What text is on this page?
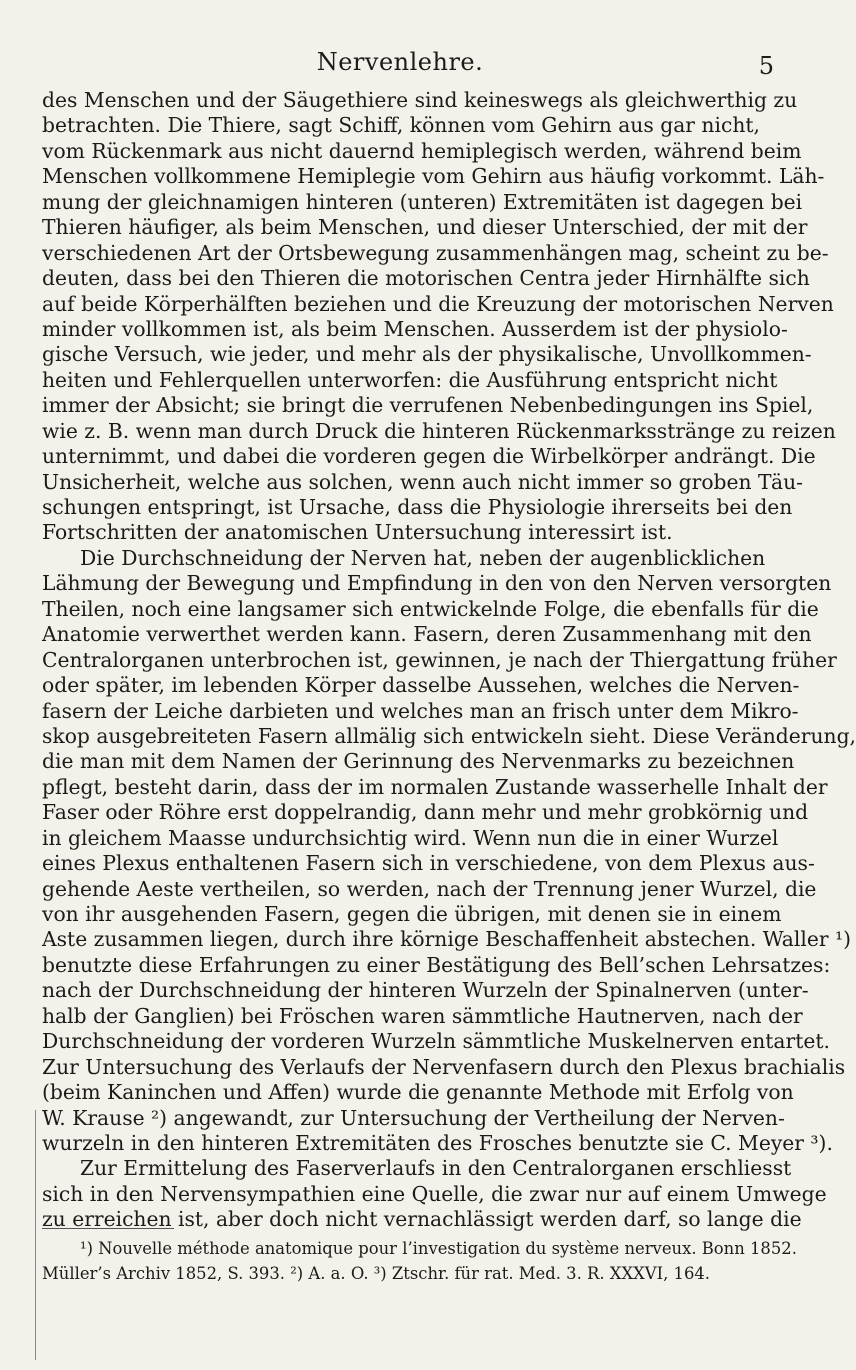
Nervenlehre.	5
des Menschen und der Säugethiere sind keineswegs als gleichwerthig zu
betrachten. Die Thiere, sagt Schiff, können vom Gehirn aus gar nicht,
vom Rückenmark aus nicht dauernd hemiplegisch werden, während beim
Menschen vollkommene Hemiplegie vom Gehirn aus häufig vorkommt. Läh-
mung der gleichnamigen hinteren (unteren) Extremitäten ist dagegen bei
Thieren häufiger, als beim Menschen, und dieser Unterschied, der mit der
verschiedenen Art der Ortsbewegung zusammenhängen mag, scheint zu be-
deuten, dass bei den Thieren die motorischen Centra jeder Hirnhälfte sich
auf beide Körperhälften beziehen und die Kreuzung der motorischen Nerven
minder vollkommen ist, als beim Menschen. Ausserdem ist der physiolo-
gische Versuch, wie jeder, und mehr als der physikalische, Unvollkommen-
heiten und Fehlerquellen unterworfen: die Ausführung entspricht nicht
immer der Absicht; sie bringt die verrufenen Nebenbedingungen ins Spiel,
wie z. B. wenn man durch Druck die hinteren Rückenmarksstränge zu reizen
unternimmt, und dabei die vorderen gegen die Wirbelkörper andrängt. Die
Unsicherheit, welche aus solchen, wenn auch nicht immer so groben Täu-
schungen entspringt, ist Ursache, dass die Physiologie ihrerseits bei den
Fortschritten der anatomischen Untersuchung interessirt ist.
Die Durchschneidung der Nerven hat, neben der augenblicklichen
Lähmung der Bewegung und Empfindung in den von den Nerven versorgten
Theilen, noch eine langsamer sich entwickelnde Folge, die ebenfalls für die
Anatomie verwerthet werden kann. Fasern, deren Zusammenhang mit den
Centralorganen unterbrochen ist, gewinnen, je nach der Thiergattung früher
oder später, im lebenden Körper dasselbe Aussehen, welches die Nerven-
fasern der Leiche darbieten und welches man an frisch unter dem Mikro-
skop ausgebreiteten Fasern allmälig sich entwickeln sieht. Diese Veränderung,
die man mit dem Namen der Gerinnung des Nervenmarks zu bezeichnen
pflegt, besteht darin, dass der im normalen Zustande wasserhelle Inhalt der
Faser oder Röhre erst doppelrandig, dann mehr und mehr grobkörnig und
in gleichem Maasse undurchsichtig wird. Wenn nun die in einer Wurzel
eines Plexus enthaltenen Fasern sich in verschiedene, von dem Plexus aus-
gehende Aeste vertheilen, so werden, nach der Trennung jener Wurzel, die
von ihr ausgehenden Fasern, gegen die übrigen, mit denen sie in einem
Aste zusammen liegen, durch ihre körnige Beschaffenheit abstechen. Waller ¹)
benutzte diese Erfahrungen zu einer Bestätigung des Bell’schen Lehrsatzes:
nach der Durchschneidung der hinteren Wurzeln der Spinalnerven (unter-
halb der Ganglien) bei Fröschen waren sämmtliche Hautnerven, nach der
Durchschneidung der vorderen Wurzeln sämmtliche Muskelnerven entartet.
Zur Untersuchung des Verlaufs der Nervenfasern durch den Plexus brachialis
(beim Kaninchen und Affen) wurde die genannte Methode mit Erfolg von
W. Krause ²) angewandt, zur Untersuchung der Vertheilung der Nerven-
wurzeln in den hinteren Extremitäten des Frosches benutzte sie C. Meyer ³).
Zur Ermittelung des Faserverlaufs in den Centralorganen erschliesst
sich in den Nervensympathien eine Quelle, die zwar nur auf einem Umwege
zu erreichen ist, aber doch nicht vernachlässigt werden darf, so lange die
¹) Nouvelle méthode anatomique pour l’investigation du système nerveux. Bonn 1852.
Müller’s Archiv 1852, S. 393. ²) A. a. O. ³) Ztschr. für rat. Med. 3. R. XXXVI, 164.
